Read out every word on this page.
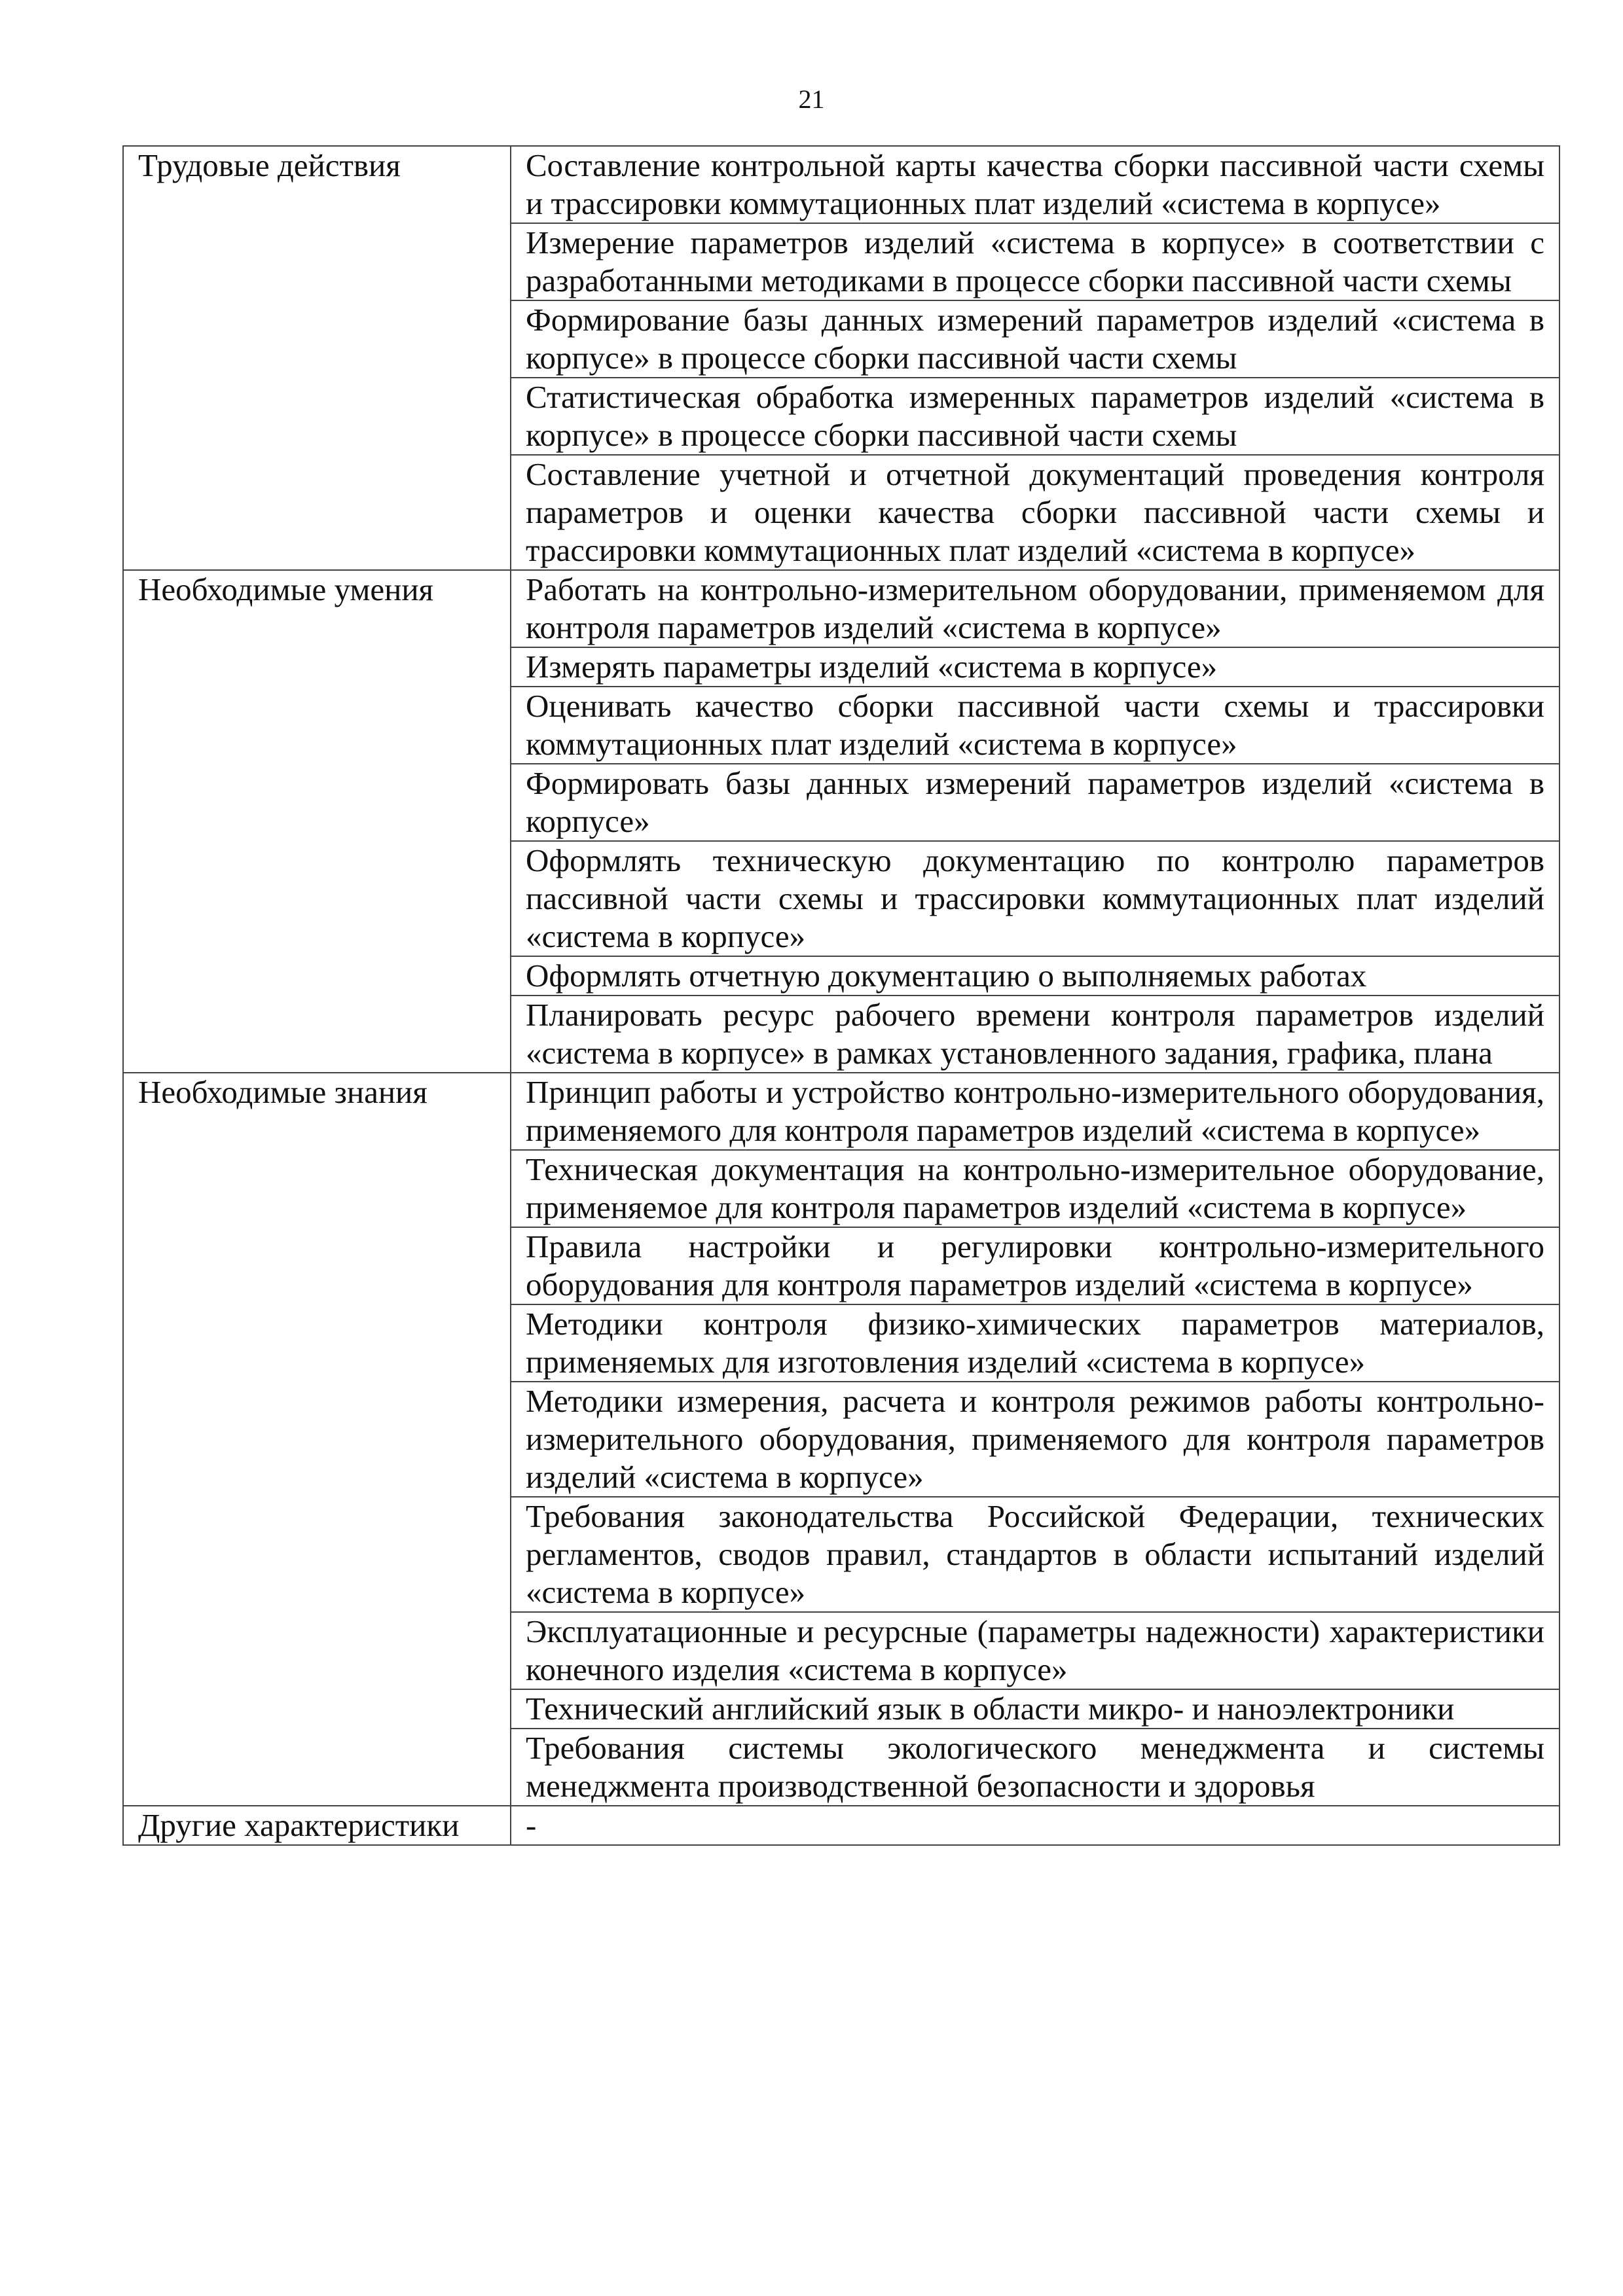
21
Трудовые действия	Составление контрольной карты качества сборки пассивной части схемы и трассировки коммутационных плат изделий «система в корпусе»
	Измерение параметров изделий «система в корпусе» в соответствии с разработанными методиками в процессе сборки пассивной части схемы
	Формирование базы данных измерений параметров изделий «система в корпусе» в процессе сборки пассивной части схемы
	Статистическая обработка измеренных параметров изделий «система в корпусе» в процессе сборки пассивной части схемы
	Составление учетной и отчетной документаций проведения контроля параметров и оценки качества сборки пассивной части схемы и трассировки коммутационных плат изделий «система в корпусе»
Необходимые умения	Работать на контрольно-измерительном оборудовании, применяемом для контроля параметров изделий «система в корпусе»
	Измерять параметры изделий «система в корпусе»
	Оценивать качество сборки пассивной части схемы и трассировки коммутационных плат изделий «система в корпусе»
	Формировать базы данных измерений параметров изделий «система в корпусе»
	Оформлять техническую документацию по контролю параметров пассивной части схемы и трассировки коммутационных плат изделий «система в корпусе»
	Оформлять отчетную документацию о выполняемых работах
	Планировать ресурс рабочего времени контроля параметров изделий «система в корпусе» в рамках установленного задания, графика, плана
Необходимые знания	Принцип работы и устройство контрольно-измерительного оборудования, применяемого для контроля параметров изделий «система в корпусе»
	Техническая документация на контрольно-измерительное оборудование, применяемое для контроля параметров изделий «система в корпусе»
	Правила настройки и регулировки контрольно-измерительного оборудования для контроля параметров изделий «система в корпусе»
	Методики контроля физико-химических параметров материалов, применяемых для изготовления изделий «система в корпусе»
	Методики измерения, расчета и контроля режимов работы контрольно-измерительного оборудования, применяемого для контроля параметров изделий «система в корпусе»
	Требования законодательства Российской Федерации, технических регламентов, сводов правил, стандартов в области испытаний изделий «система в корпусе»
	Эксплуатационные и ресурсные (параметры надежности) характеристики конечного изделия «система в корпусе»
	Технический английский язык в области микро- и наноэлектроники
	Требования системы экологического менеджмента и системы менеджмента производственной безопасности и здоровья
Другие характеристики	-
